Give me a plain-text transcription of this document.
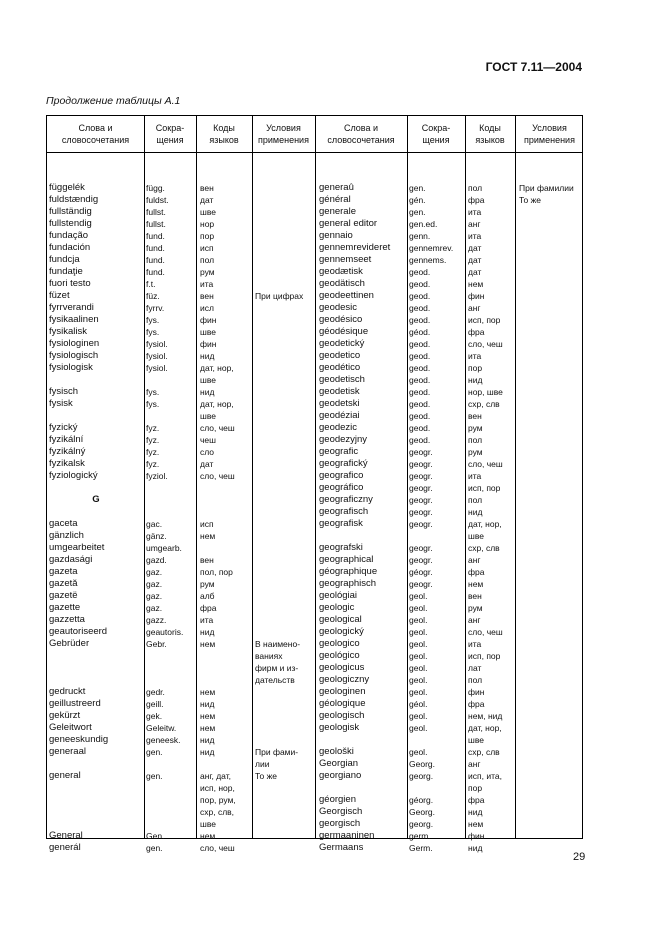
ГОСТ 7.11—2004
Продолжение таблицы А.1
Слова и
словосочетания
Сокра-
щения
Коды
языков
Условия
применения
Слова и
словосочетания
Сокра-
щения
Коды
языков
Условия
применения
függelék
fuldstændig
fullständig
fullstendig
fundação
fundación
fundcja
fundaţie
fuori testo
füzet
fyrrverandi
fysikaalinen
fysikalisk
fysiologinen
fysiologisch
fysiologisk
fysisch
fysisk
fyzický
fyzikální
fyzikálný
fyzikalsk
fyziologický
G
gaceta
gänzlich
umgearbeitet
gazdasági
gazeta
gazetă
gazetë
gazette
gazzetta
geautoriseerd
Gebrüder
gedruckt
geillustreerd
gekürzt
Geleitwort
geneeskundig
generaal
general
General
generál
függ.
fuldst.
fullst.
fullst.
fund.
fund.
fund.
fund.
f.t.
füz.
fyrrv.
fys.
fys.
fysiol.
fysiol.
fysiol.
fys.
fys.
fyz.
fyz.
fyz.
fyz.
fyziol.
gac.
gänz.
umgearb.
gazd.
gaz.
gaz.
gaz.
gaz.
gazz.
geautoris.
Gebr.
gedr.
geill.
gek.
Geleitw.
geneesk.
gen.
gen.
Gen.
gen.
вен
дат
шве
нор
пор
исп
пол
рум
ита
вен
исл
фин
шве
фин
нид
дат, нор,
шве
нид
дат, нор,
шве
сло, чеш
чеш
сло
дат
сло, чеш
исп
нем
вен
пол, пор
рум
алб
фра
ита
нид
нем
нем
нид
нем
нем
нид
нид
анг, дат,
исп, нор,
пор, рум,
схр, слв,
шве
нем
сло, чеш
При цифрах
В наимено-
ваниях
фирм и из-
дательств
При фами-
лии
То же
generaû
général
generale
general editor
gennaio
gennemrevideret
gennemseet
geodætisk
geodätisch
geodeettinen
geodesic
geodésico
géodésique
geodetický
geodetico
geodético
geodetisch
geodetisk
geodetski
geodéziai
geodezic
geodezyjny
geografic
geografický
geografico
geográfico
geograficzny
geografisch
geografisk
geografski
geographical
géographique
geographisch
geológiai
geologic
geological
geologický
geologico
geológico
geologicus
geologiczny
geologinen
géologique
geologisch
geologisk
geološki
Georgian
georgiano
géorgien
Georgisch
georgisch
germaaninen
Germaans
gen.
gén.
gen.
gen.ed.
genn.
gennemrev.
gennems.
geod.
geod.
geod.
geod.
geod.
géod.
geod.
geod.
geod.
geod.
geod.
geod.
geod.
geod.
geod.
geogr.
geogr.
geogr.
geogr.
geogr.
geogr.
geogr.
geogr.
geogr.
géogr.
geogr.
geol.
geol.
geol.
geol.
geol.
geol.
geol.
geol.
geol.
géol.
geol.
geol.
geol.
Georg.
georg.
géorg.
Georg.
georg.
germ.
Germ.
пол
фра
ита
анг
ита
дат
дат
дат
нем
фин
анг
исп, пор
фра
сло, чеш
ита
пор
нид
нор, шве
схр, слв
вен
рум
пол
рум
сло, чеш
ита
исп, пор
пол
нид
дат, нор,
шве
схр, слв
анг
фра
нем
вен
рум
анг
сло, чеш
ита
исп, пор
лат
пол
фин
фра
нем, нид
дат, нор,
шве
схр, слв
анг
исп, ита,
пор
фра
нид
нем
фин
нид
При фамилии
То же
29
